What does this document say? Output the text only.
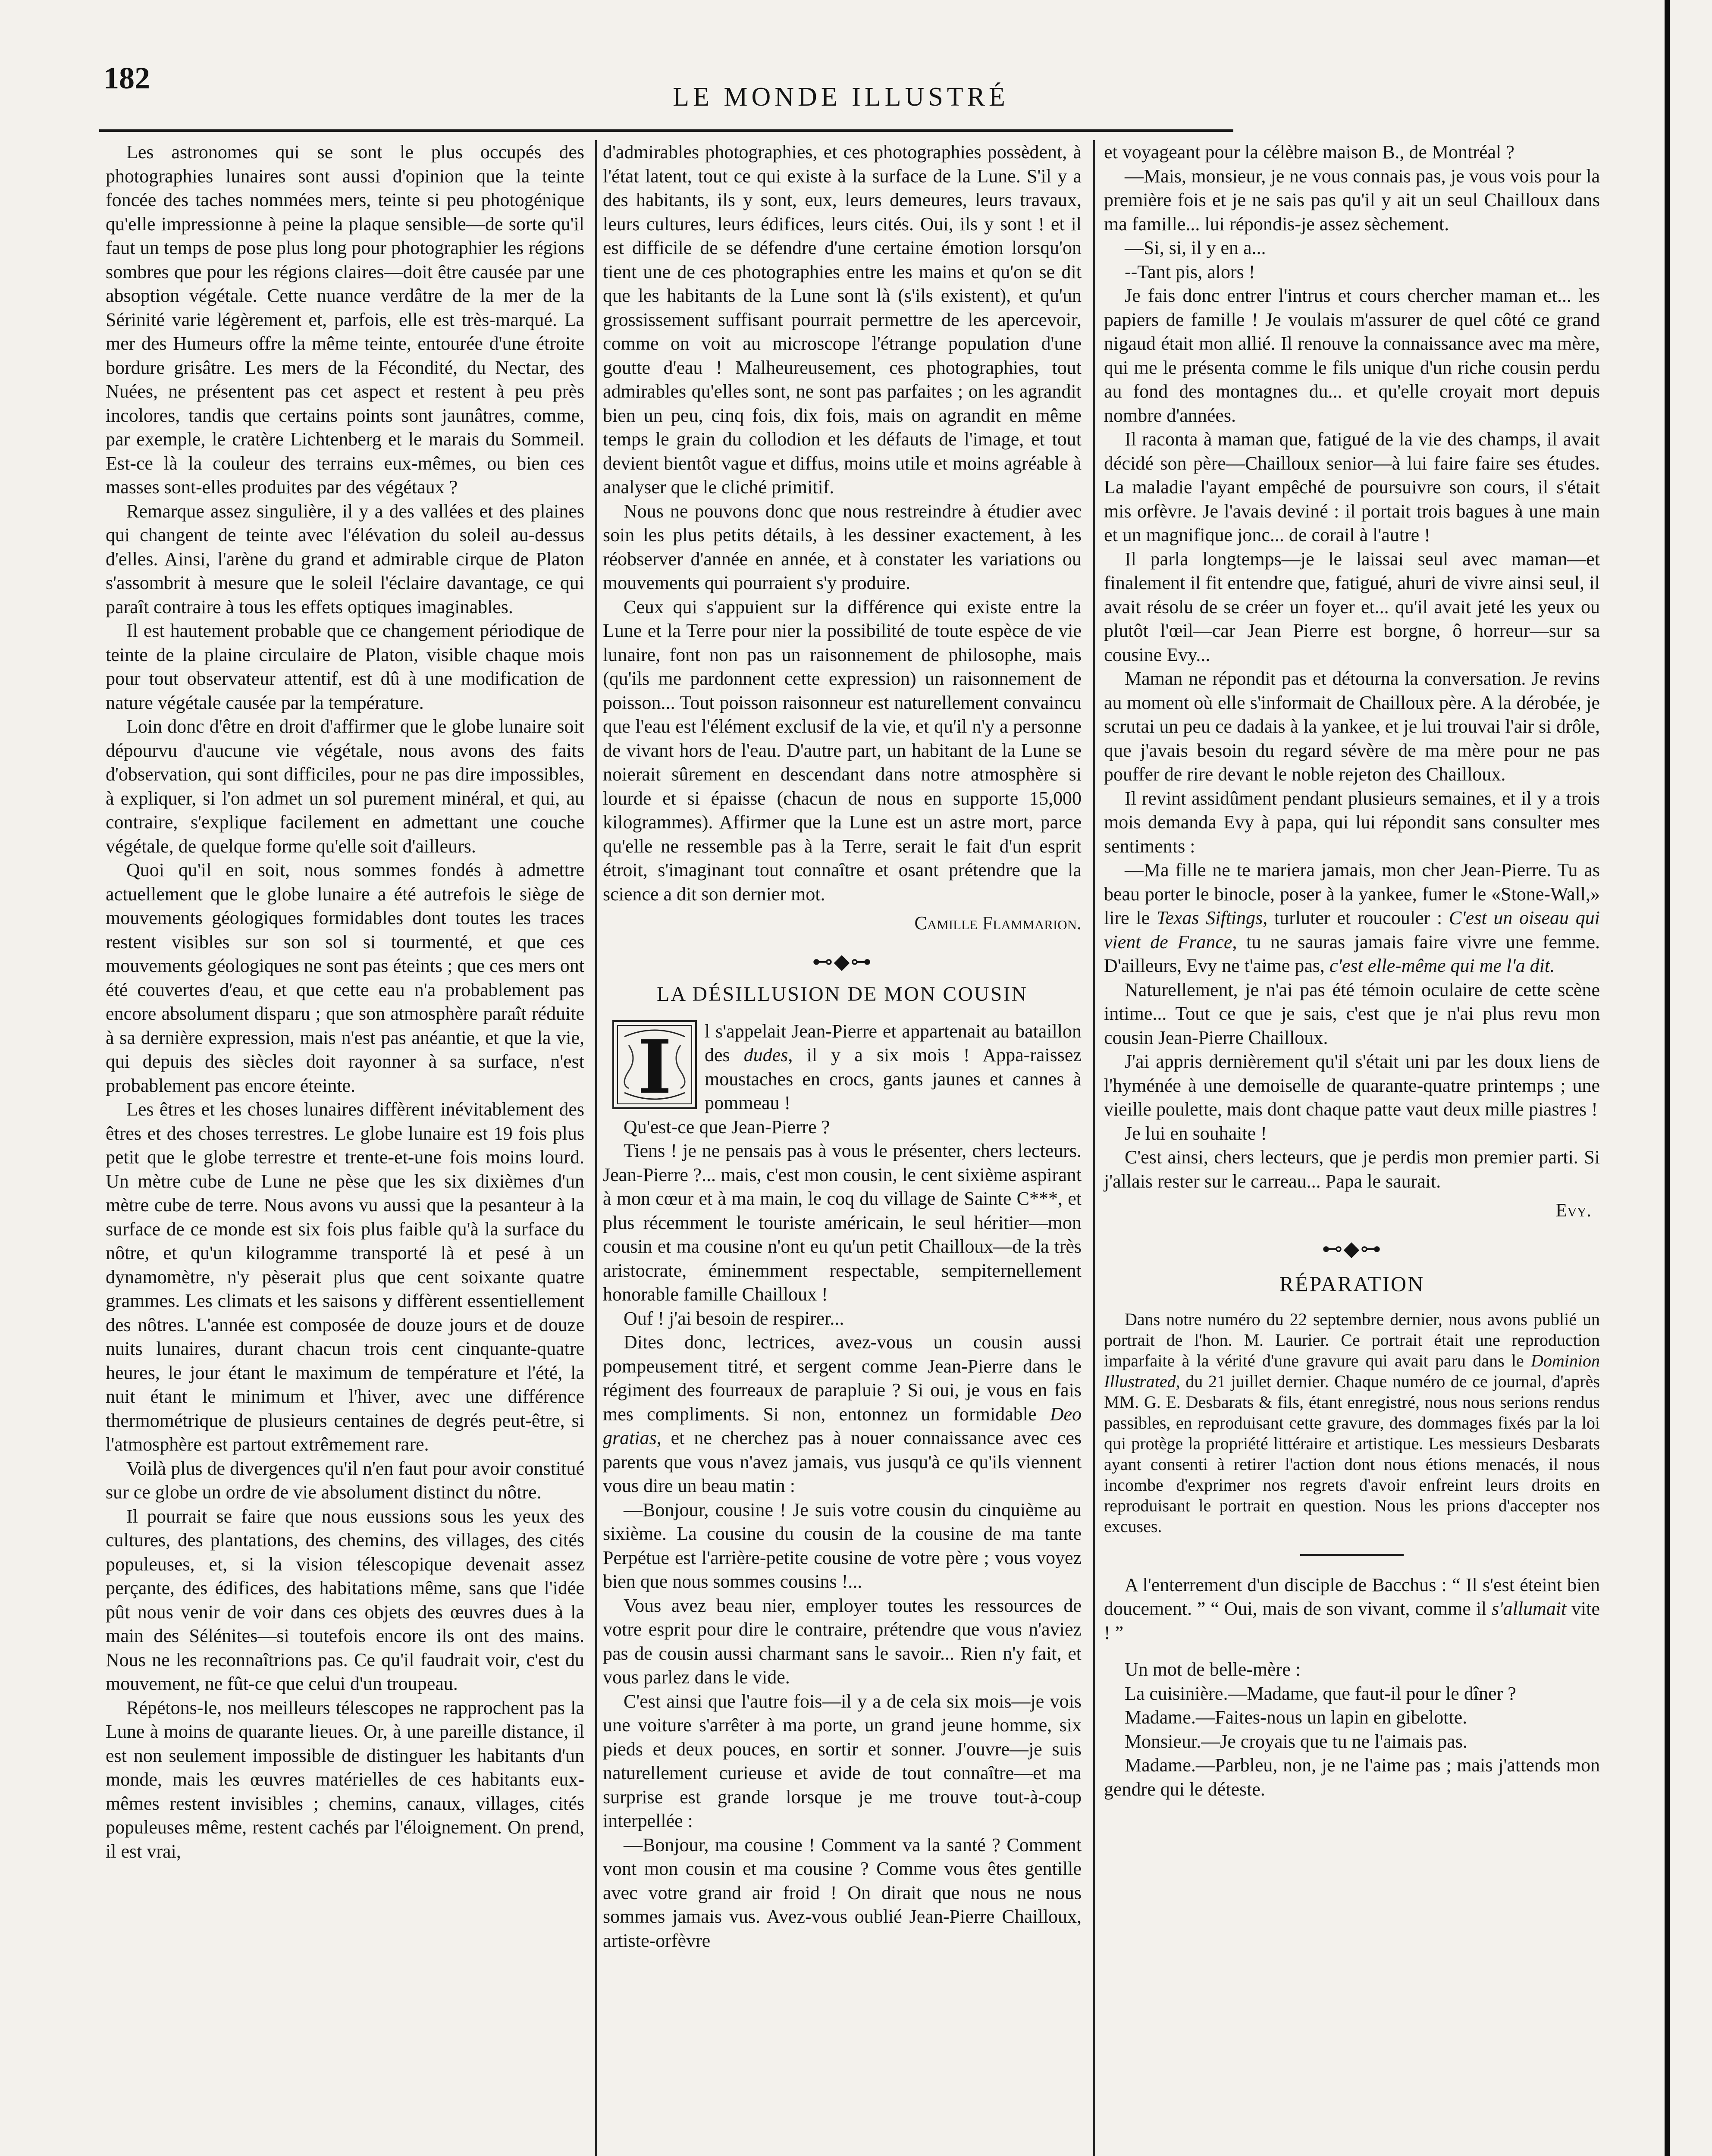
182
LE MONDE ILLUSTRÉ

Les astronomes qui se sont le plus occupés des photographies lunaires sont aussi d'opinion que la teinte foncée des taches nommées mers, teinte si peu photogénique qu'elle impressionne à peine la plaque sensible—de sorte qu'il faut un temps de pose plus long pour photographier les régions sombres que pour les régions claires—doit être causée par une absoption végétale. Cette nuance verdâtre de la mer de la Sérinité varie légèrement et, parfois, elle est très-marqué. La mer des Humeurs offre la même teinte, entourée d'une étroite bordure grisâtre. Les mers de la Fécondité, du Nectar, des Nuées, ne présentent pas cet aspect et restent à peu près incolores, tandis que certains points sont jaunâtres, comme, par exemple, le cratère Lichtenberg et le marais du Sommeil. Est-ce là la couleur des terrains eux-mêmes, ou bien ces masses sont-elles produites par des végétaux ?

Remarque assez singulière, il y a des vallées et des plaines qui changent de teinte avec l'élévation du soleil au-dessus d'elles. Ainsi, l'arène du grand et admirable cirque de Platon s'assombrit à mesure que le soleil l'éclaire davantage, ce qui paraît contraire à tous les effets optiques imaginables.

Il est hautement probable que ce changement périodique de teinte de la plaine circulaire de Platon, visible chaque mois pour tout observateur attentif, est dû à une modification de nature végétale causée par la température.

Loin donc d'être en droit d'affirmer que le globe lunaire soit dépourvu d'aucune vie végétale, nous avons des faits d'observation, qui sont difficiles, pour ne pas dire impossibles, à expliquer, si l'on admet un sol purement minéral, et qui, au contraire, s'explique facilement en admettant une couche végétale, de quelque forme qu'elle soit d'ailleurs.

Quoi qu'il en soit, nous sommes fondés à admettre actuellement que le globe lunaire a été autrefois le siège de mouvements géologiques formidables dont toutes les traces restent visibles sur son sol si tourmenté, et que ces mouvements géologiques ne sont pas éteints ; que ces mers ont été couvertes d'eau, et que cette eau n'a probablement pas encore absolument disparu ; que son atmosphère paraît réduite à sa dernière expression, mais n'est pas anéantie, et que la vie, qui depuis des siècles doit rayonner à sa surface, n'est probablement pas encore éteinte.

Les êtres et les choses lunaires diffèrent inévitablement des êtres et des choses terrestres. Le globe lunaire est 19 fois plus petit que le globe terrestre et trente-et-une fois moins lourd. Un mètre cube de Lune ne pèse que les six dixièmes d'un mètre cube de terre. Nous avons vu aussi que la pesanteur à la surface de ce monde est six fois plus faible qu'à la surface du nôtre, et qu'un kilogramme transporté là et pesé à un dynamomètre, n'y pèserait plus que cent soixante quatre grammes. Les climats et les saisons y diffèrent essentiellement des nôtres. L'année est composée de douze jours et de douze nuits lunaires, durant chacun trois cent cinquante-quatre heures, le jour étant le maximum de température et l'été, la nuit étant le minimum et l'hiver, avec une différence thermométrique de plusieurs centaines de degrés peut-être, si l'atmosphère est partout extrêmement rare.

Voilà plus de divergences qu'il n'en faut pour avoir constitué sur ce globe un ordre de vie absolument distinct du nôtre.

Il pourrait se faire que nous eussions sous les yeux des cultures, des plantations, des chemins, des villages, des cités populeuses, et, si la vision télescopique devenait assez perçante, des édifices, des habitations même, sans que l'idée pût nous venir de voir dans ces objets des œuvres dues à la main des Sélénites—si toutefois encore ils ont des mains. Nous ne les reconnaîtrions pas. Ce qu'il faudrait voir, c'est du mouvement, ne fût-ce que celui d'un troupeau.

Répétons-le, nos meilleurs télescopes ne rapprochent pas la Lune à moins de quarante lieues. Or, à une pareille distance, il est non seulement impossible de distinguer les habitants d'un monde, mais les œuvres matérielles de ces habitants eux-mêmes restent invisibles ; chemins, canaux, villages, cités populeuses même, restent cachés par l'éloignement. On prend, il est vrai,

d'admirables photographies, et ces photographies possèdent, à l'état latent, tout ce qui existe à la surface de la Lune. S'il y a des habitants, ils y sont, eux, leurs demeures, leurs travaux, leurs cultures, leurs édifices, leurs cités. Oui, ils y sont ! et il est difficile de se défendre d'une certaine émotion lorsqu'on tient une de ces photographies entre les mains et qu'on se dit que les habitants de la Lune sont là (s'ils existent), et qu'un grossissement suffisant pourrait permettre de les apercevoir, comme on voit au microscope l'étrange population d'une goutte d'eau ! Malheureusement, ces photographies, tout admirables qu'elles sont, ne sont pas parfaites ; on les agrandit bien un peu, cinq fois, dix fois, mais on agrandit en même temps le grain du collodion et les défauts de l'image, et tout devient bientôt vague et diffus, moins utile et moins agréable à analyser que le cliché primitif.

Nous ne pouvons donc que nous restreindre à étudier avec soin les plus petits détails, à les dessiner exactement, à les réobserver d'année en année, et à constater les variations ou mouvements qui pourraient s'y produire.

Ceux qui s'appuient sur la différence qui existe entre la Lune et la Terre pour nier la possibilité de toute espèce de vie lunaire, font non pas un raisonnement de philosophe, mais (qu'ils me pardonnent cette expression) un raisonnement de poisson... Tout poisson raisonneur est naturellement convaincu que l'eau est l'élément exclusif de la vie, et qu'il n'y a personne de vivant hors de l'eau. D'autre part, un habitant de la Lune se noierait sûrement en descendant dans notre atmosphère si lourde et si épaisse (chacun de nous en supporte 15,000 kilogrammes). Affirmer que la Lune est un astre mort, parce qu'elle ne ressemble pas à la Terre, serait le fait d'un esprit étroit, s'imaginant tout connaître et osant prétendre que la science a dit son dernier mot.

Camille Flammarion.
⊷◆⊶
LA DÉSILLUSION DE MON COUSIN
I	l s'appelait Jean-Pierre et appartenait au bataillon des dudes, il y a six mois ! Appa-raissez moustaches en crocs, gants jaunes et cannes à pommeau !

Qu'est-ce que Jean-Pierre ?

Tiens ! je ne pensais pas à vous le présenter, chers lecteurs. Jean-Pierre ?... mais, c'est mon cousin, le cent sixième aspirant à mon cœur et à ma main, le coq du village de Sainte C***, et plus récemment le touriste américain, le seul héritier—mon cousin et ma cousine n'ont eu qu'un petit Chailloux—de la très aristocrate, éminemment respectable, sempiternellement honorable famille Chailloux !

Ouf ! j'ai besoin de respirer...

Dites donc, lectrices, avez-vous un cousin aussi pompeusement titré, et sergent comme Jean-Pierre dans le régiment des fourreaux de parapluie ? Si oui, je vous en fais mes compliments. Si non, entonnez un formidable Deo gratias, et ne cherchez pas à nouer connaissance avec ces parents que vous n'avez jamais, vus jusqu'à ce qu'ils viennent vous dire un beau matin :

—Bonjour, cousine ! Je suis votre cousin du cinquième au sixième. La cousine du cousin de la cousine de ma tante Perpétue est l'arrière-petite cousine de votre père ; vous voyez bien que nous sommes cousins !...

Vous avez beau nier, employer toutes les ressources de votre esprit pour dire le contraire, prétendre que vous n'aviez pas de cousin aussi charmant sans le savoir... Rien n'y fait, et vous parlez dans le vide.

C'est ainsi que l'autre fois—il y a de cela six mois—je vois une voiture s'arrêter à ma porte, un grand jeune homme, six pieds et deux pouces, en sortir et sonner. J'ouvre—je suis naturellement curieuse et avide de tout connaître—et ma surprise est grande lorsque je me trouve tout-à-coup interpellée :

—Bonjour, ma cousine ! Comment va la santé ? Comment vont mon cousin et ma cousine ? Comme vous êtes gentille avec votre grand air froid ! On dirait que nous ne nous sommes jamais vus. Avez-vous oublié Jean-Pierre Chailloux, artiste-orfèvre

et voyageant pour la célèbre maison B., de Montréal ?

—Mais, monsieur, je ne vous connais pas, je vous vois pour la première fois et je ne sais pas qu'il y ait un seul Chailloux dans ma famille... lui répondis-je assez sèchement.

—Si, si, il y en a...

--Tant pis, alors !

Je fais donc entrer l'intrus et cours chercher maman et... les papiers de famille ! Je voulais m'assurer de quel côté ce grand nigaud était mon allié. Il renouve la connaissance avec ma mère, qui me le présenta comme le fils unique d'un riche cousin perdu au fond des montagnes du... et qu'elle croyait mort depuis nombre d'années.

Il raconta à maman que, fatigué de la vie des champs, il avait décidé son père—Chailloux senior—à lui faire faire ses études. La maladie l'ayant empêché de poursuivre son cours, il s'était mis orfèvre. Je l'avais deviné : il portait trois bagues à une main et un magnifique jonc... de corail à l'autre !

Il parla longtemps—je le laissai seul avec maman—et finalement il fit entendre que, fatigué, ahuri de vivre ainsi seul, il avait résolu de se créer un foyer et... qu'il avait jeté les yeux ou plutôt l'œil—car Jean Pierre est borgne, ô horreur—sur sa cousine Evy...

Maman ne répondit pas et détourna la conversation. Je revins au moment où elle s'informait de Chailloux père. A la dérobée, je scrutai un peu ce dadais à la yankee, et je lui trouvai l'air si drôle, que j'avais besoin du regard sévère de ma mère pour ne pas pouffer de rire devant le noble rejeton des Chailloux.

Il revint assidûment pendant plusieurs semaines, et il y a trois mois demanda Evy à papa, qui lui répondit sans consulter mes sentiments :

—Ma fille ne te mariera jamais, mon cher Jean-Pierre. Tu as beau porter le binocle, poser à la yankee, fumer le «Stone-Wall,» lire le Texas Siftings, turluter et roucouler : C'est un oiseau qui vient de France, tu ne sauras jamais faire vivre une femme. D'ailleurs, Evy ne t'aime pas, c'est elle-même qui me l'a dit.

Naturellement, je n'ai pas été témoin oculaire de cette scène intime... Tout ce que je sais, c'est que je n'ai plus revu mon cousin Jean-Pierre Chailloux.

J'ai appris dernièrement qu'il s'était uni par les doux liens de l'hyménée à une demoiselle de quarante-quatre printemps ; une vieille poulette, mais dont chaque patte vaut deux mille piastres !

Je lui en souhaite !

C'est ainsi, chers lecteurs, que je perdis mon premier parti. Si j'allais rester sur le carreau... Papa le saurait.

Evy.
⊷◆⊶
RÉPARATION

Dans notre numéro du 22 septembre dernier, nous avons publié un portrait de l'hon. M. Laurier. Ce portrait était une reproduction imparfaite à la vérité d'une gravure qui avait paru dans le Dominion Illustrated, du 21 juillet dernier. Chaque numéro de ce journal, d'après MM. G. E. Desbarats & fils, étant enregistré, nous nous serions rendus passibles, en reproduisant cette gravure, des dommages fixés par la loi qui protège la propriété littéraire et artistique. Les messieurs Desbarats ayant consenti à retirer l'action dont nous étions menacés, il nous incombe d'exprimer nos regrets d'avoir enfreint leurs droits en reproduisant le portrait en question. Nous les prions d'accepter nos excuses.

A l'enterrement d'un disciple de Bacchus : “ Il s'est éteint bien doucement. ” “ Oui, mais de son vivant, comme il s'allumait vite ! ”

Un mot de belle-mère :

La cuisinière.—Madame, que faut-il pour le dîner ?

Madame.—Faites-nous un lapin en gibelotte.

Monsieur.—Je croyais que tu ne l'aimais pas.

Madame.—Parbleu, non, je ne l'aime pas ; mais j'attends mon gendre qui le déteste.
